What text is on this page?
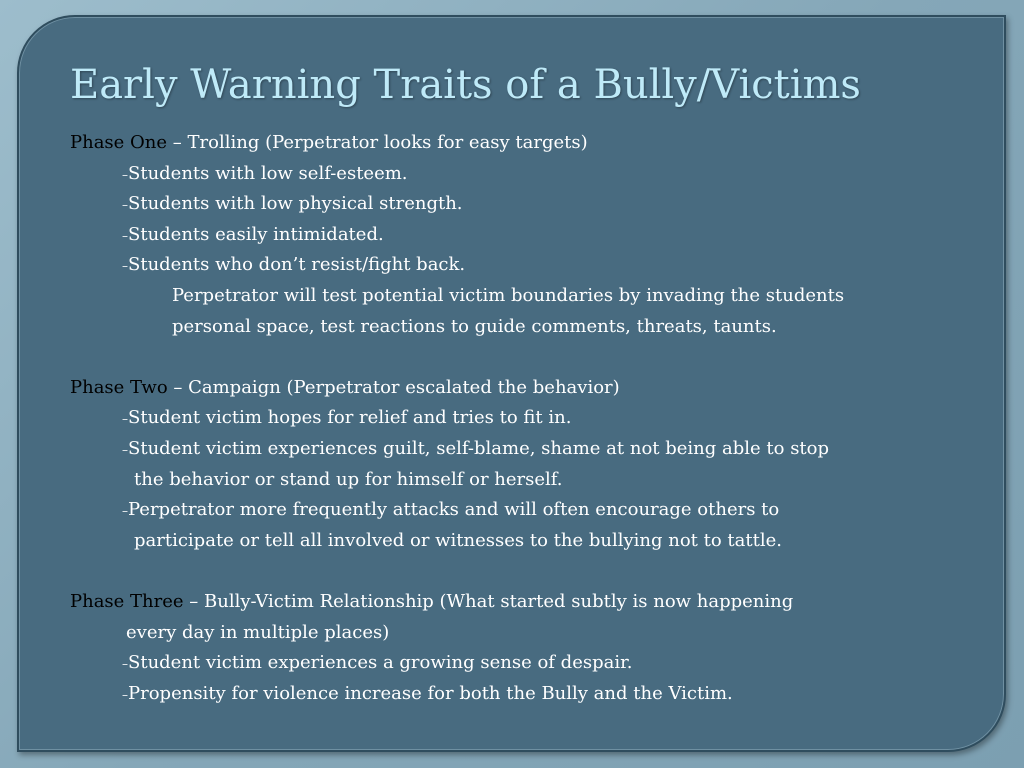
Early Warning Traits of a Bully/Victims
Phase One – Trolling (Perpetrator looks for easy targets)
–Students with low self-esteem.
–Students with low physical strength.
–Students easily intimidated.
–Students who don’t resist/fight back.
Perpetrator will test potential victim boundaries by invading the students
personal space, test reactions to guide comments, threats, taunts.
Phase Two – Campaign (Perpetrator escalated the behavior)
–Student victim hopes for relief and tries to fit in.
–Student victim experiences guilt, self-blame, shame at not being able to stop
the behavior or stand up for himself or herself.
–Perpetrator more frequently attacks and will often encourage others to
participate or tell all involved or witnesses to the bullying not to tattle.
Phase Three – Bully-Victim Relationship (What started subtly is now happening
every day in multiple places)
–Student victim experiences a growing sense of despair.
–Propensity for violence increase for both the Bully and the Victim.
